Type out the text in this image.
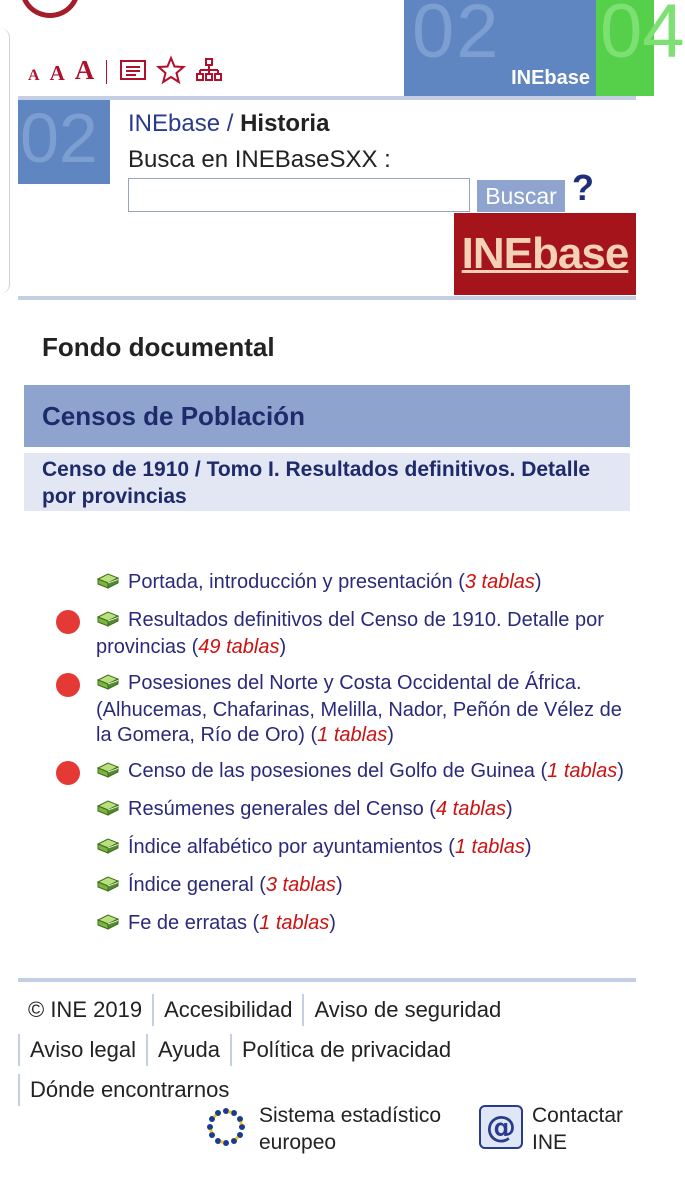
A A A	02
INEbase
04
02 INEbase / Historia
Busca en INEBaseSXX :
Buscar ?
INEbase
Fondo documental
Censos de Población
Censo de 1910 / Tomo I. Resultados definitivos. Detalle por provincias
Portada, introducción y presentación (3 tablas)
Resultados definitivos del Censo de 1910. Detalle por provincias (49 tablas)
Posesiones del Norte y Costa Occidental de África. (Alhucemas, Chafarinas, Melilla, Nador, Peñón de Vélez de la Gomera, Río de Oro) (1 tablas)
Censo de las posesiones del Golfo de Guinea (1 tablas)
Resúmenes generales del Censo (4 tablas)
Índice alfabético por ayuntamientos (1 tablas)
Índice general (3 tablas)
Fe de erratas (1 tablas)
© INE 2019	Accesibilidad	Aviso de seguridad
Aviso legal	Ayuda	Política de privacidad
Dónde encontrarnos
Sistema estadístico
europeo	@ Contactar
INE
